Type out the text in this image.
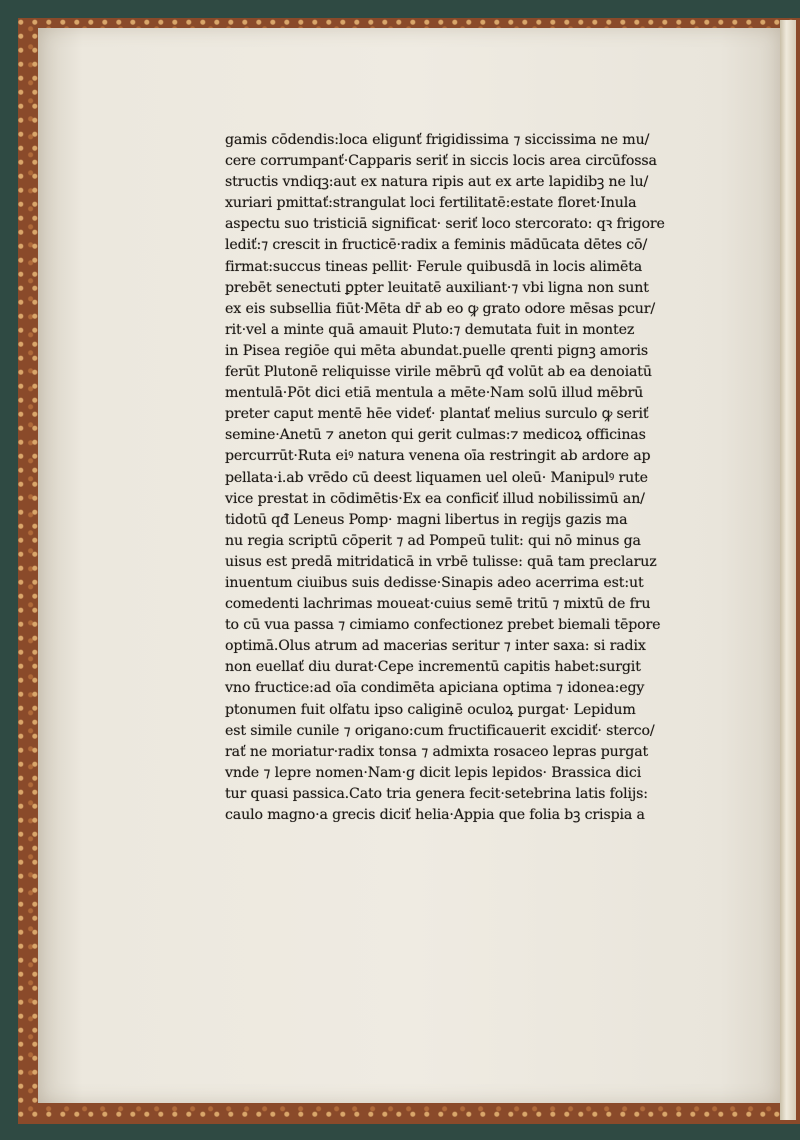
gamis cōdendis:loca eligunť frigidissima ⁊ siccissima ne mu/
cere corrumpanť·Capparis seriť in siccis locis area circūfossa
structis vndiqꝫ:aut ex natura ripis aut ex arte lapidibꝫ ne lu/
xuriari pmittať:strangulat loci fertilitatē:estate floret·Inula
aspectu suo tristiciā significat· seriť loco stercorato: qꝛ frigore
lediť:⁊ crescit in fructicē·radix a feminis mādūcata dētes cō/
firmat:succus tineas pellit· Ferule quibusdā in locis alimēta
prebēt senectuti ꝑpter leuitatē auxiliant·⁊ vbi ligna non sunt
ex eis subsellia fiūt·Mēta dr̄ ab eo ꝙ grato odore mēsas pcur/
rit·vel a minte quā amauit Pluto:⁊ demutata fuit in montez
in Pisea regiōe qui mēta abundat.puelle qrenti pignꝫ amoris
ferūt Plutonē reliquisse virile mēbrū qđ volūt ab ea denoiatū
mentulā·Pōt dici etiā mentula a mēte·Nam solū illud mēbrū
preter caput mentē hēe videť· plantať melius surculo ꝙ seriť
semine·Anetū ⁊ aneton qui gerit culmas:⁊ medicoꝝ officinas
percurrūt·Ruta eiꝰ natura venena oīa restringit ab ardore ap
pellata·i.ab vrēdo cū deest liquamen uel oleū· Manipulꝰ rute
vice prestat in cōdimētis·Ex ea conficiť illud nobilissimū an/
tidotū qđ Leneus Pomp· magni libertus in regijs gazis ma
nu regia scriptū cōperit ⁊ ad Pompeū tulit: qui nō minus ga
uisus est predā mitridaticā in vrbē tulisse: quā tam preclaruz
inuentum ciuibus suis dedisse·Sinapis adeo acerrima est:ut
comedenti lachrimas moueat·cuius semē tritū ⁊ mixtū de fru
to cū vua passa ⁊ cimiamo confectionez prebet biemali tēpore
optimā.Olus atrum ad macerias seritur ⁊ inter saxa: si radix
non euellať diu durat·Cepe incrementū capitis habet:surgit
vno fructice:ad oīa condimēta apiciana optima ⁊ idonea:egy
ptonumen fuit olfatu ipso caliginē oculoꝝ purgat· Lepidum
est simile cunile ⁊ origano:cum fructificauerit excidiť· sterco/
rať ne moriatur·radix tonsa ⁊ admixta rosaceo lepras purgat
vnde ⁊ lepre nomen·Nam·g dicit lepis lepidos· Brassica dici
tur quasi passica.Cato tria genera fecit·setebrina latis folijs:
caulo magno·a grecis diciť helia·Appia que folia bꝫ crispia a
